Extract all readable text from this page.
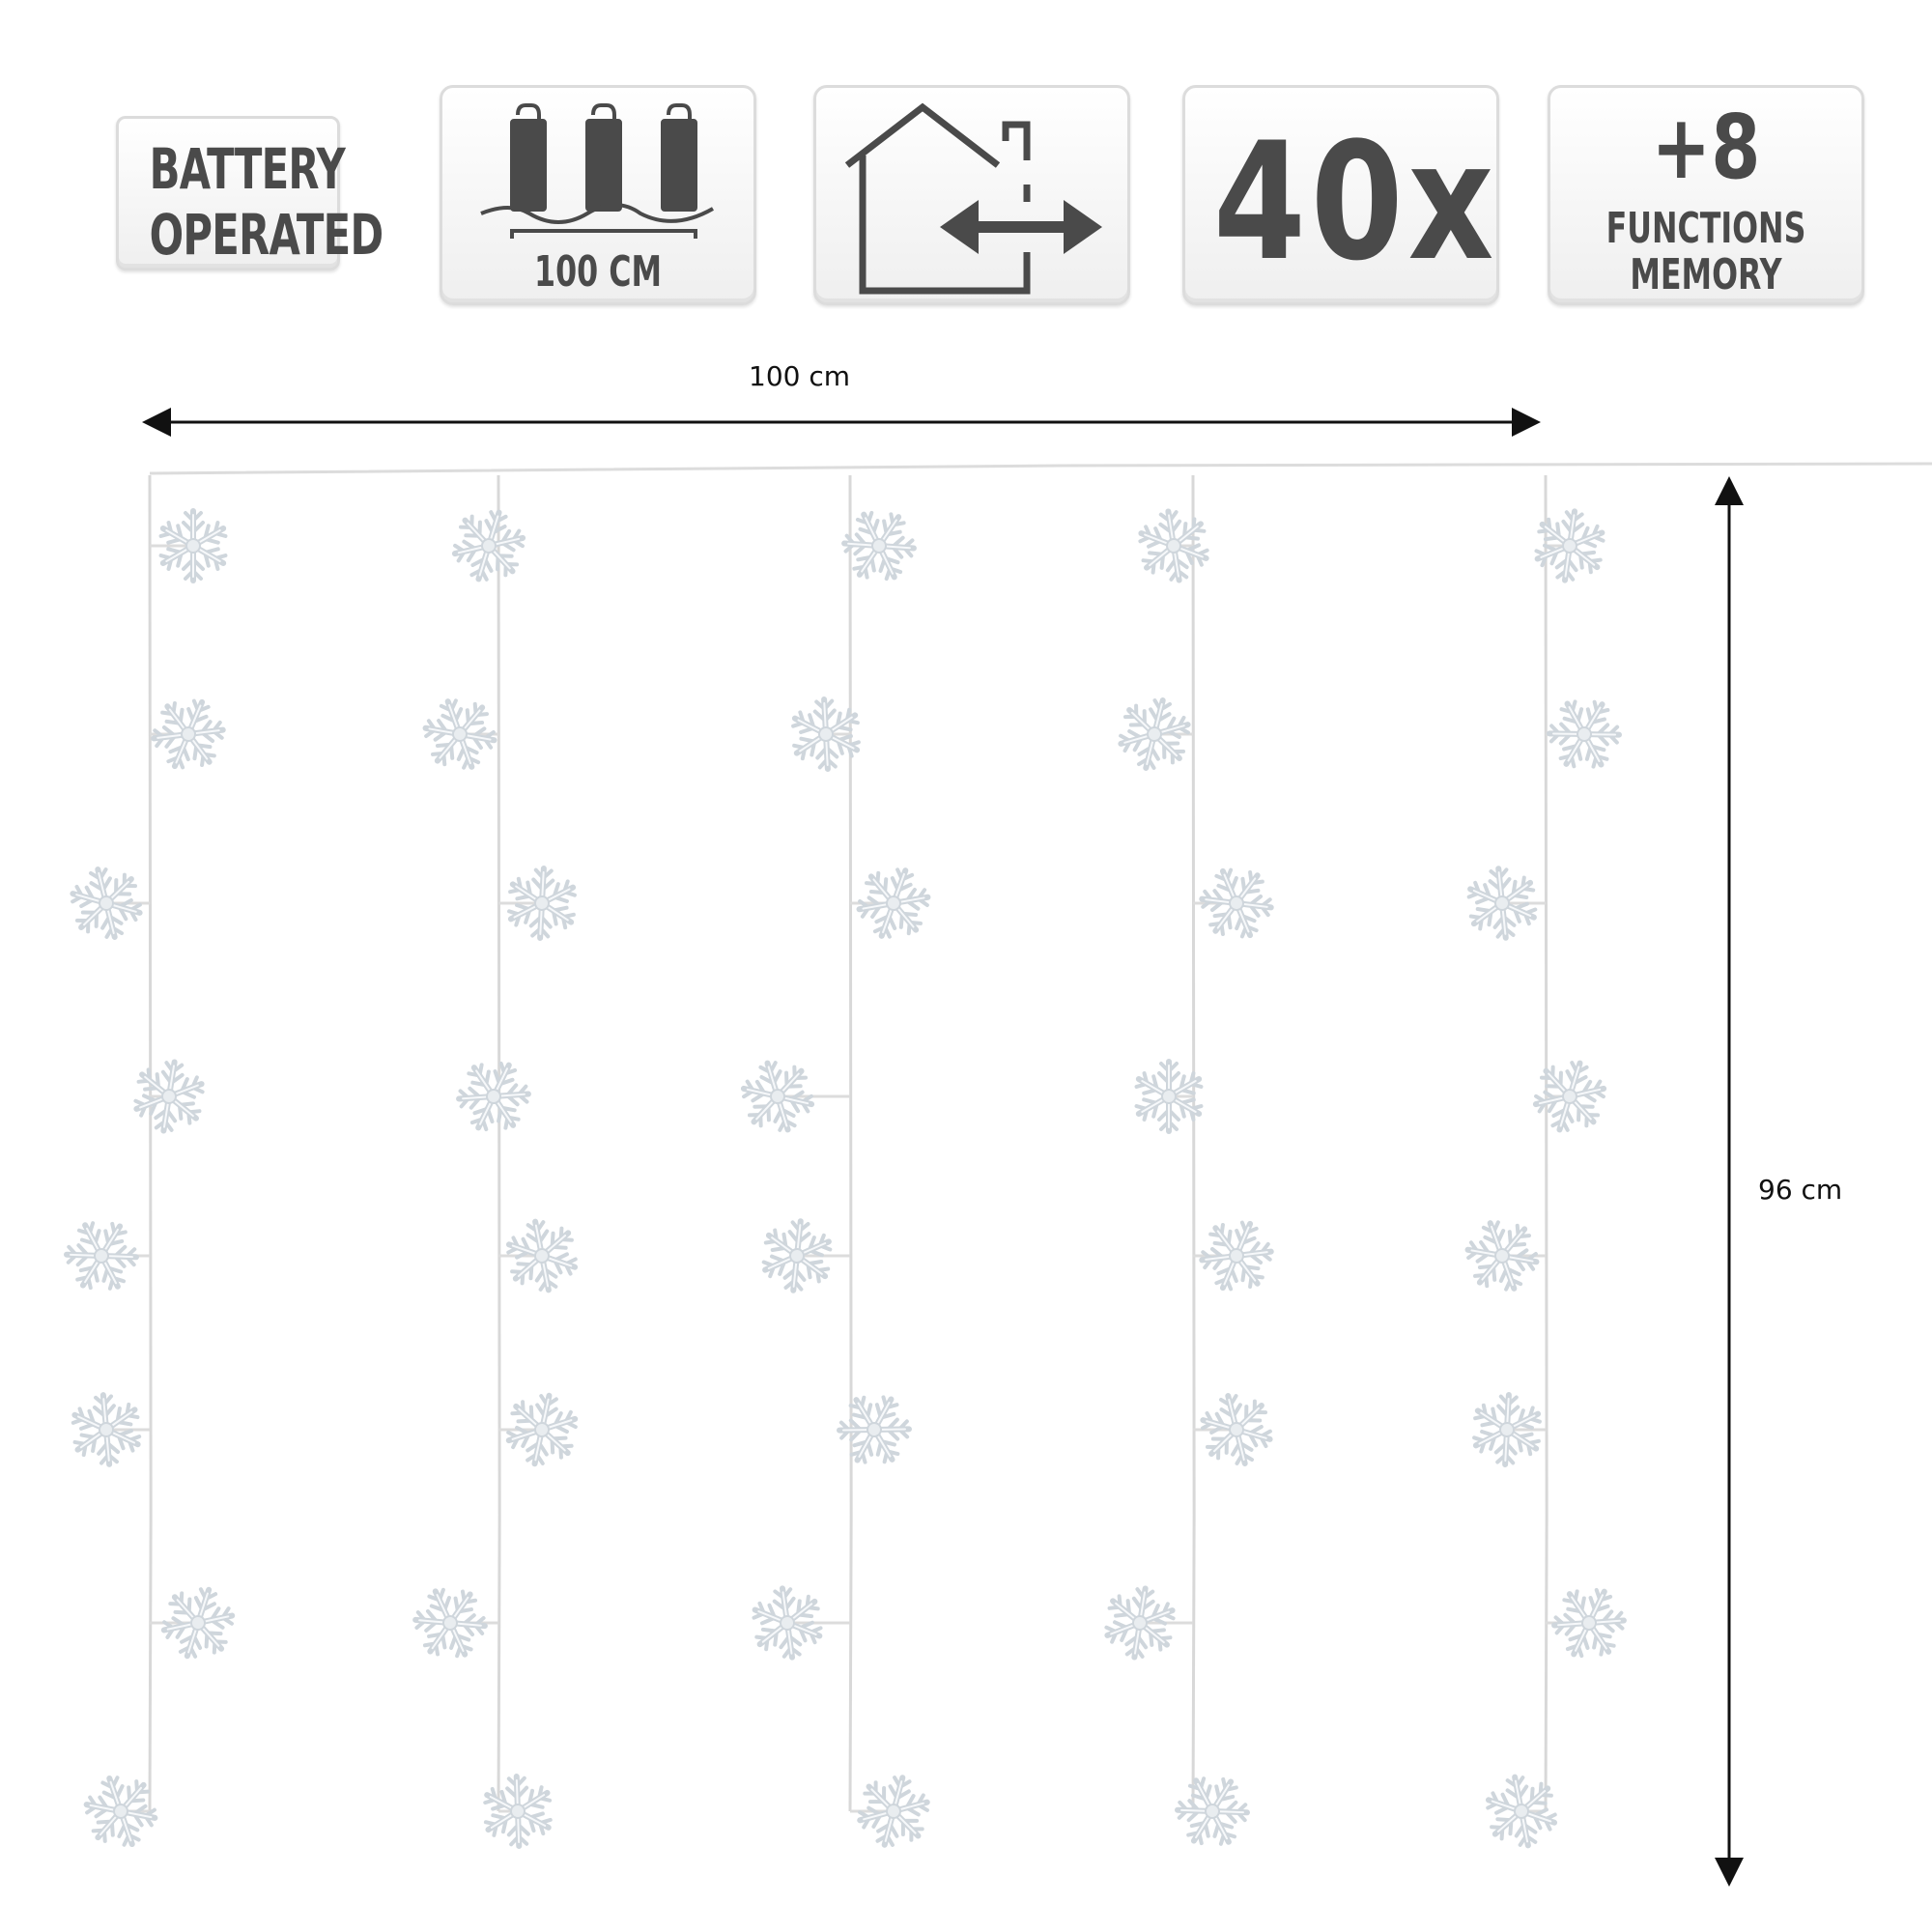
BATTERY
OPERATED
100 CM	40x	+8
FUNCTIONS
MEMORY
100 cm
96 cm
